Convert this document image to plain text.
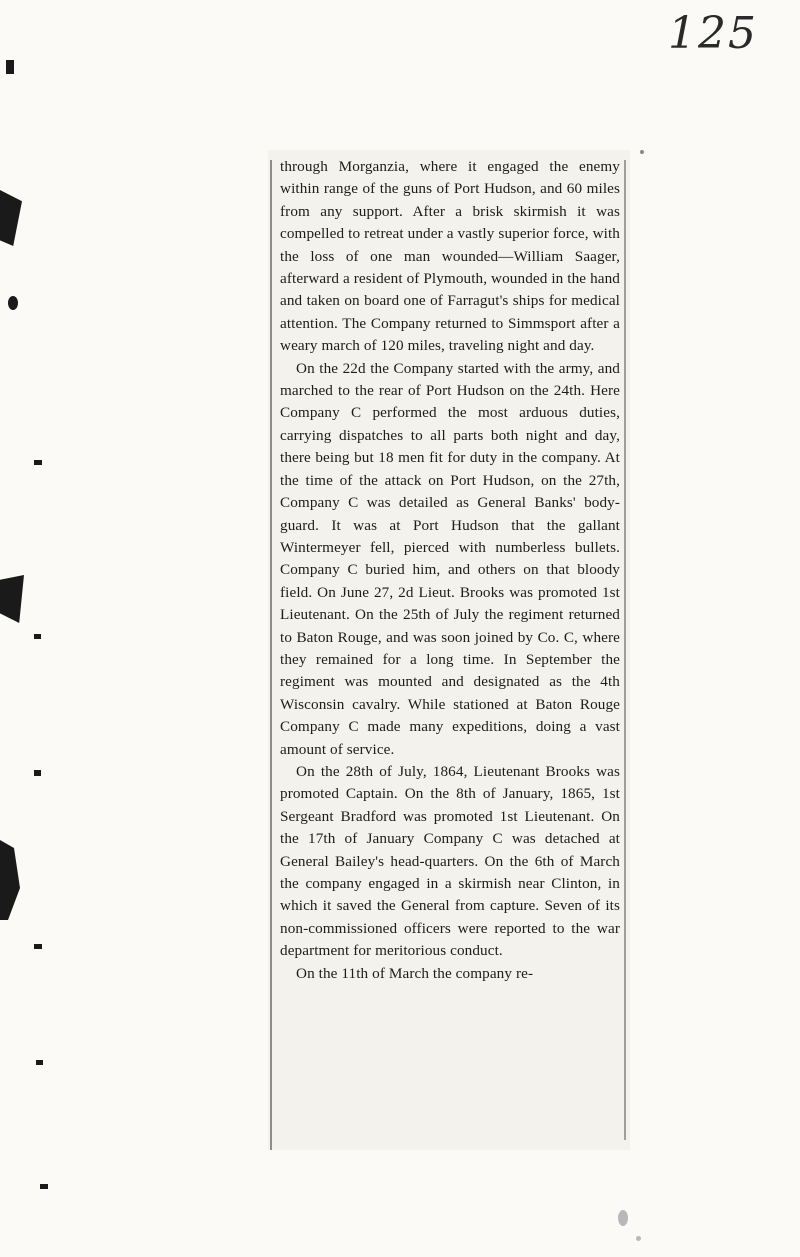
125

through Morganzia, where it engaged the enemy within range of the guns of Port Hudson, and 60 miles from any support. After a brisk skirmish it was compelled to retreat under a vastly superior force, with the loss of one man wounded—William Saager, afterward a resident of Plymouth, wounded in the hand and taken on board one of Farragut's ships for medical attention. The Company returned to Simmsport after a weary march of 120 miles, traveling night and day.

On the 22d the Company started with the army, and marched to the rear of Port Hudson on the 24th. Here Company C performed the most arduous duties, carrying dispatches to all parts both night and day, there being but 18 men fit for duty in the company. At the time of the attack on Port Hudson, on the 27th, Company C was detailed as General Banks' body-guard. It was at Port Hudson that the gallant Wintermeyer fell, pierced with numberless bullets. Company C buried him, and others on that bloody field. On June 27, 2d Lieut. Brooks was promoted 1st Lieutenant. On the 25th of July the regiment returned to Baton Rouge, and was soon joined by Co. C, where they remained for a long time. In September the regiment was mounted and designated as the 4th Wisconsin cavalry. While stationed at Baton Rouge Company C made many expeditions, doing a vast amount of service.

On the 28th of July, 1864, Lieutenant Brooks was promoted Captain. On the 8th of January, 1865, 1st Sergeant Bradford was promoted 1st Lieutenant. On the 17th of January Company C was detached at General Bailey's head-quarters. On the 6th of March the company engaged in a skirmish near Clinton, in which it saved the General from capture. Seven of its non-commissioned officers were reported to the war department for meritorious conduct.

On the 11th of March the company re-
